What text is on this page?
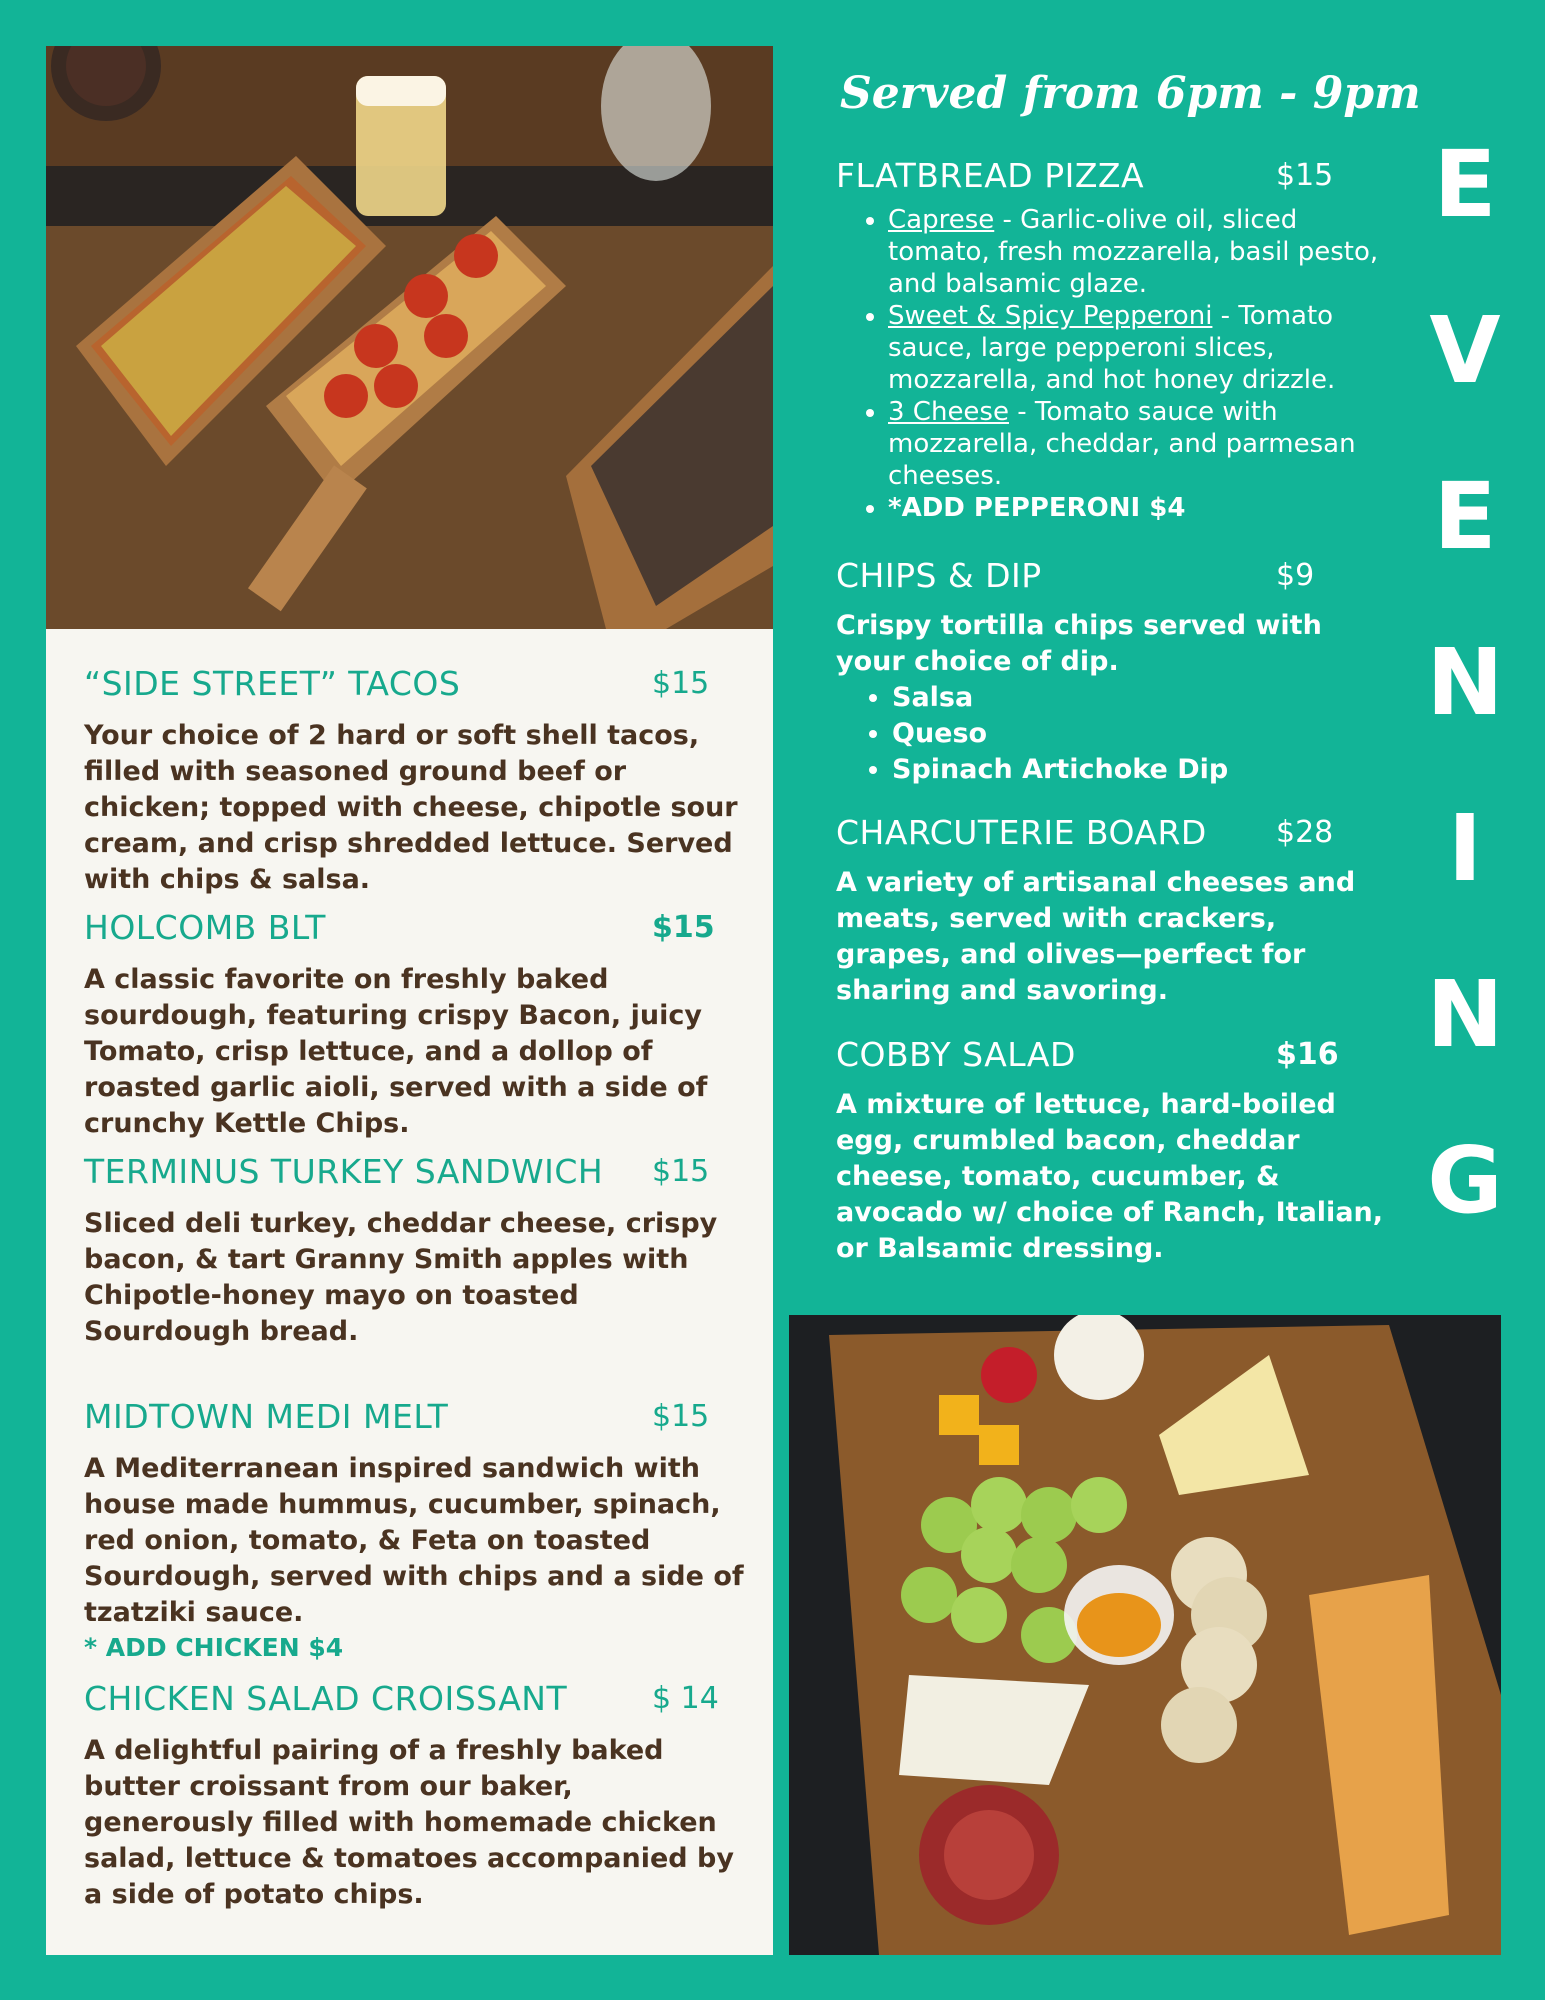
“SIDE STREET” TACOS	$15
Your choice of 2 hard or soft shell tacos, filled with seasoned ground beef or chicken; topped with cheese, chipotle sour cream, and crisp shredded lettuce. Served with chips & salsa.
HOLCOMB BLT	$15
A classic favorite on freshly baked sourdough, featuring crispy Bacon, juicy Tomato, crisp lettuce, and a dollop of roasted garlic aioli, served with a side of crunchy Kettle Chips.
TERMINUS TURKEY SANDWICH	$15
Sliced deli turkey, cheddar cheese, crispy bacon, & tart Granny Smith apples with Chipotle-honey mayo on toasted Sourdough bread.
MIDTOWN MEDI MELT	$15
A Mediterranean inspired sandwich with house made hummus, cucumber, spinach, red onion, tomato, & Feta on toasted Sourdough, served with chips and a side of tzatziki sauce.
* ADD CHICKEN $4
CHICKEN SALAD CROISSANT	$ 14
A delightful pairing of a freshly baked butter croissant from our baker, generously filled with homemade chicken salad, lettuce & tomatoes accompanied by a side of potato chips.
Served from 6pm - 9pm
FLATBREAD PIZZA	$15
• Caprese - Garlic-olive oil, sliced tomato, fresh mozzarella, basil pesto, and balsamic glaze.
• Sweet & Spicy Pepperoni - Tomato sauce, large pepperoni slices, mozzarella, and hot honey drizzle.
• 3 Cheese - Tomato sauce with mozzarella, cheddar, and parmesan cheeses.
• *ADD PEPPERONI $4
CHIPS & DIP	$9
Crispy tortilla chips served with your choice of dip.
• Salsa
• Queso
• Spinach Artichoke Dip
CHARCUTERIE BOARD	$28
A variety of artisanal cheeses and meats, served with crackers, grapes, and olives—perfect for sharing and savoring.
COBBY SALAD	$16
A mixture of lettuce, hard-boiled egg, crumbled bacon, cheddar cheese, tomato, cucumber, & avocado w/ choice of Ranch, Italian, or Balsamic dressing.
E
V
E
N
I
N
G
